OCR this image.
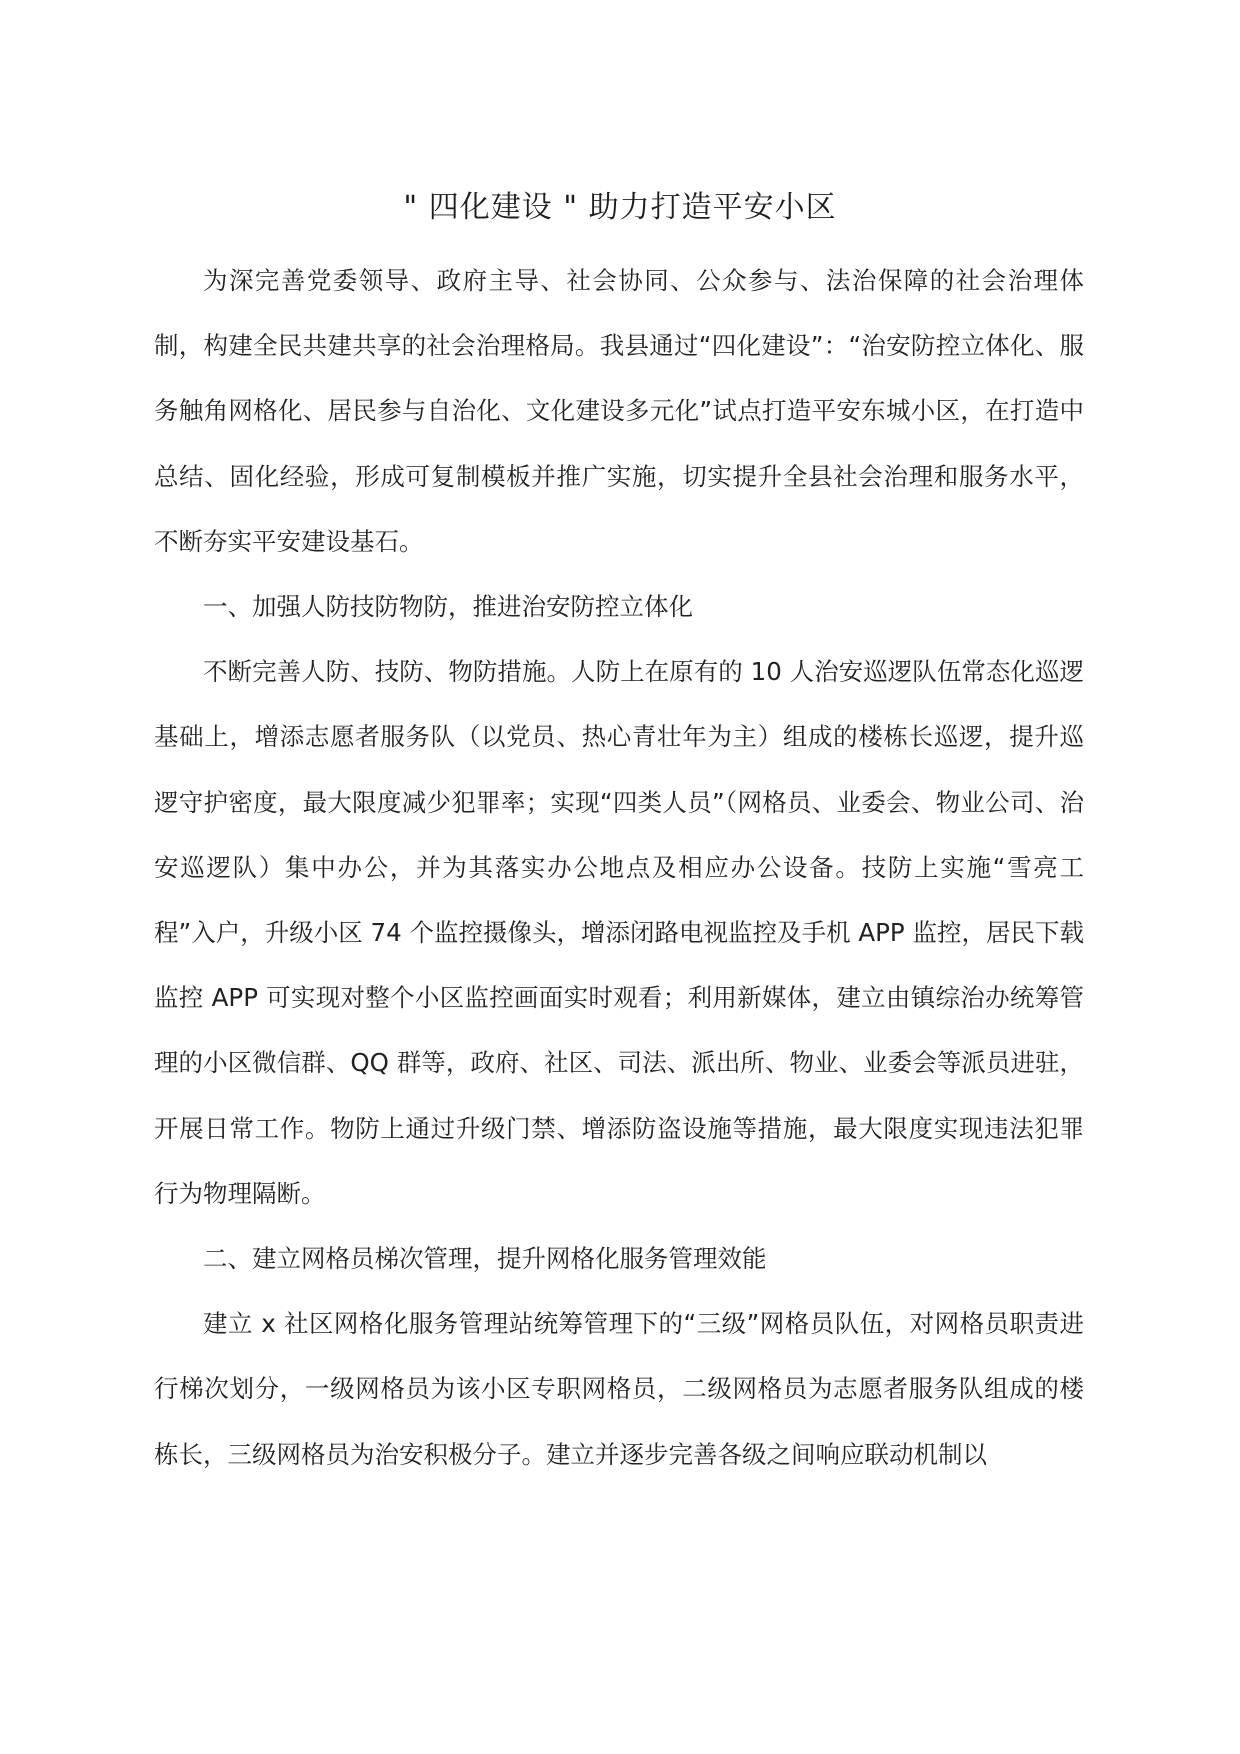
" 四化建设 " 助力打造平安小区

为深完善党委领导、政府主导、社会协同、公众参与、法治保障的社会治理体制，构建全民共建共享的社会治理格局。我县通过“四化建设”：“治安防控立体化、服务触角网格化、居民参与自治化、文化建设多元化”试点打造平安东城小区，在打造中总结、固化经验，形成可复制模板并推广实施，切实提升全县社会治理和服务水平，不断夯实平安建设基石。

一、加强人防技防物防，推进治安防控立体化

不断完善人防、技防、物防措施。人防上在原有的 10 人治安巡逻队伍常态化巡逻基础上，增添志愿者服务队（以党员、热心青壮年为主）组成的楼栋长巡逻，提升巡逻守护密度，最大限度减少犯罪率；实现“四类人员”（网格员、业委会、物业公司、治安巡逻队）集中办公，并为其落实办公地点及相应办公设备。技防上实施“雪亮工程”入户，升级小区 74 个监控摄像头，增添闭路电视监控及手机 APP 监控，居民下载监控 APP 可实现对整个小区监控画面实时观看；利用新媒体，建立由镇综治办统筹管理的小区微信群、QQ 群等，政府、社区、司法、派出所、物业、业委会等派员进驻，开展日常工作。物防上通过升级门禁、增添防盗设施等措施，最大限度实现违法犯罪行为物理隔断。

二、建立网格员梯次管理，提升网格化服务管理效能

建立 x 社区网格化服务管理站统筹管理下的“三级”网格员队伍，对网格员职责进行梯次划分，一级网格员为该小区专职网格员，二级网格员为志愿者服务队组成的楼栋长，三级网格员为治安积极分子。建立并逐步完善各级之间响应联动机制以
